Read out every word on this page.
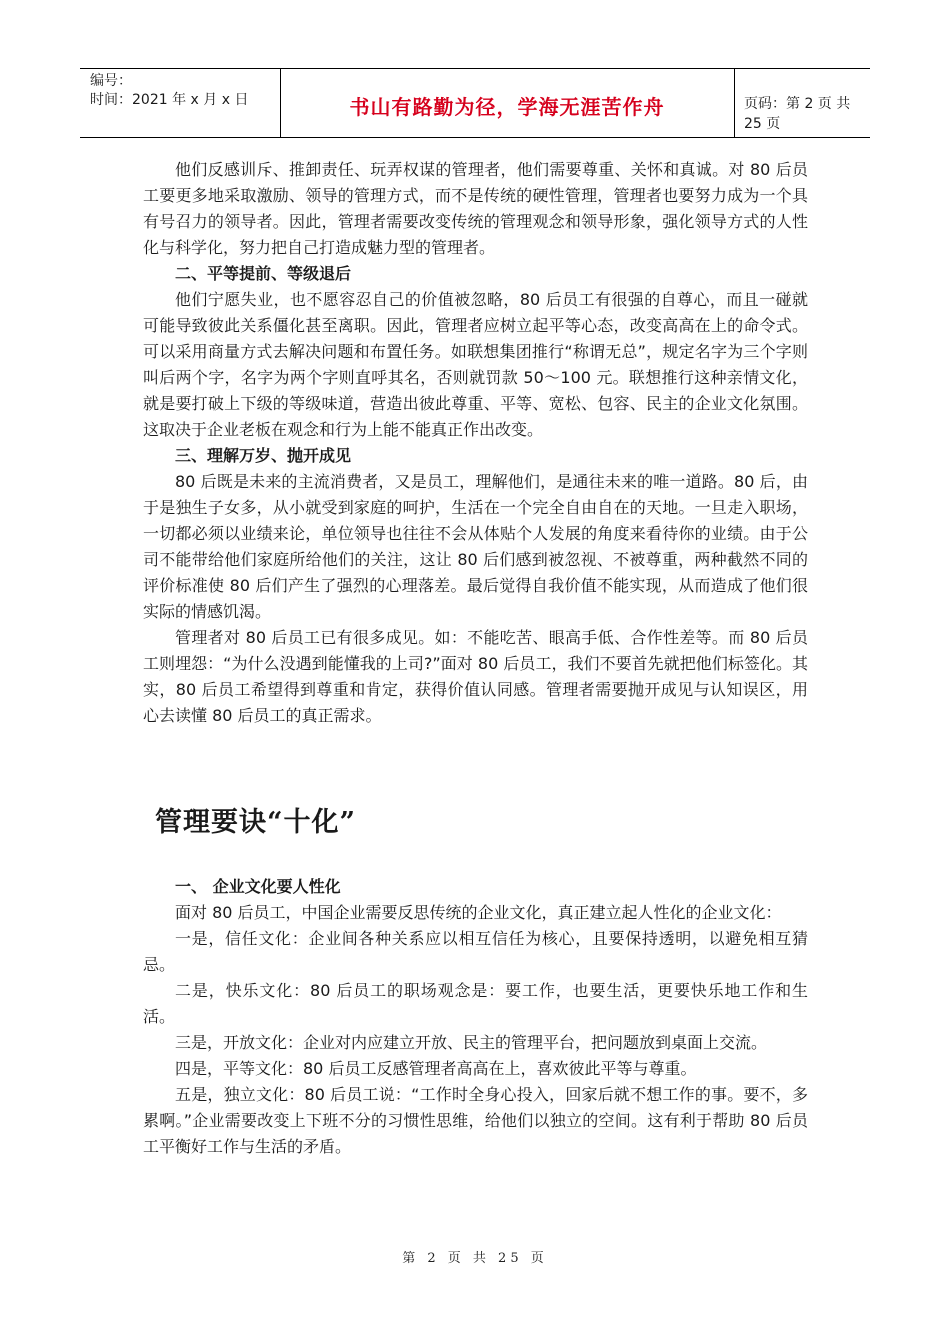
编号：
时间：2021 年 x 月 x 日	书山有路勤为径，学海无涯苦作舟	页码：第 2 页 共 25 页

他们反感训斥、推卸责任、玩弄权谋的管理者，他们需要尊重、关怀和真诚。对 80 后员工要更多地采取激励、领导的管理方式，而不是传统的硬性管理，管理者也要努力成为一个具有号召力的领导者。因此，管理者需要改变传统的管理观念和领导形象，强化领导方式的人性化与科学化，努力把自己打造成魅力型的管理者。

二、平等提前、等级退后

他们宁愿失业，也不愿容忍自己的价值被忽略，80 后员工有很强的自尊心，而且一碰就可能导致彼此关系僵化甚至离职。因此，管理者应树立起平等心态，改变高高在上的命令式。可以采用商量方式去解决问题和布置任务。如联想集团推行“称谓无总”，规定名字为三个字则叫后两个字，名字为两个字则直呼其名，否则就罚款 50～100 元。联想推行这种亲情文化，就是要打破上下级的等级味道，营造出彼此尊重、平等、宽松、包容、民主的企业文化氛围。这取决于企业老板在观念和行为上能不能真正作出改变。

三、理解万岁、抛开成见

80 后既是未来的主流消费者，又是员工，理解他们，是通往未来的唯一道路。80 后，由于是独生子女多，从小就受到家庭的呵护，生活在一个完全自由自在的天地。一旦走入职场，一切都必须以业绩来论，单位领导也往往不会从体贴个人发展的角度来看待你的业绩。由于公司不能带给他们家庭所给他们的关注，这让 80 后们感到被忽视、不被尊重，两种截然不同的评价标准使 80 后们产生了强烈的心理落差。最后觉得自我价值不能实现，从而造成了他们很实际的情感饥渴。

管理者对 80 后员工已有很多成见。如：不能吃苦、眼高手低、合作性差等。而 80 后员工则埋怨：“为什么没遇到能懂我的上司?”面对 80 后员工，我们不要首先就把他们标签化。其实，80 后员工希望得到尊重和肯定，获得价值认同感。管理者需要抛开成见与认知误区，用心去读懂 80 后员工的真正需求。

管理要诀“十化”
一、 企业文化要人性化

面对 80 后员工，中国企业需要反思传统的企业文化，真正建立起人性化的企业文化：

一是，信任文化：企业间各种关系应以相互信任为核心，且要保持透明，以避免相互猜忌。

二是，快乐文化：80 后员工的职场观念是：要工作，也要生活，更要快乐地工作和生活。

三是，开放文化：企业对内应建立开放、民主的管理平台，把问题放到桌面上交流。

四是，平等文化：80 后员工反感管理者高高在上，喜欢彼此平等与尊重。

五是，独立文化：80 后员工说：“工作时全身心投入，回家后就不想工作的事。要不，多累啊。”企业需要改变上下班不分的习惯性思维，给他们以独立的空间。这有利于帮助 80 后员工平衡好工作与生活的矛盾。

第 2 页 共 25 页
